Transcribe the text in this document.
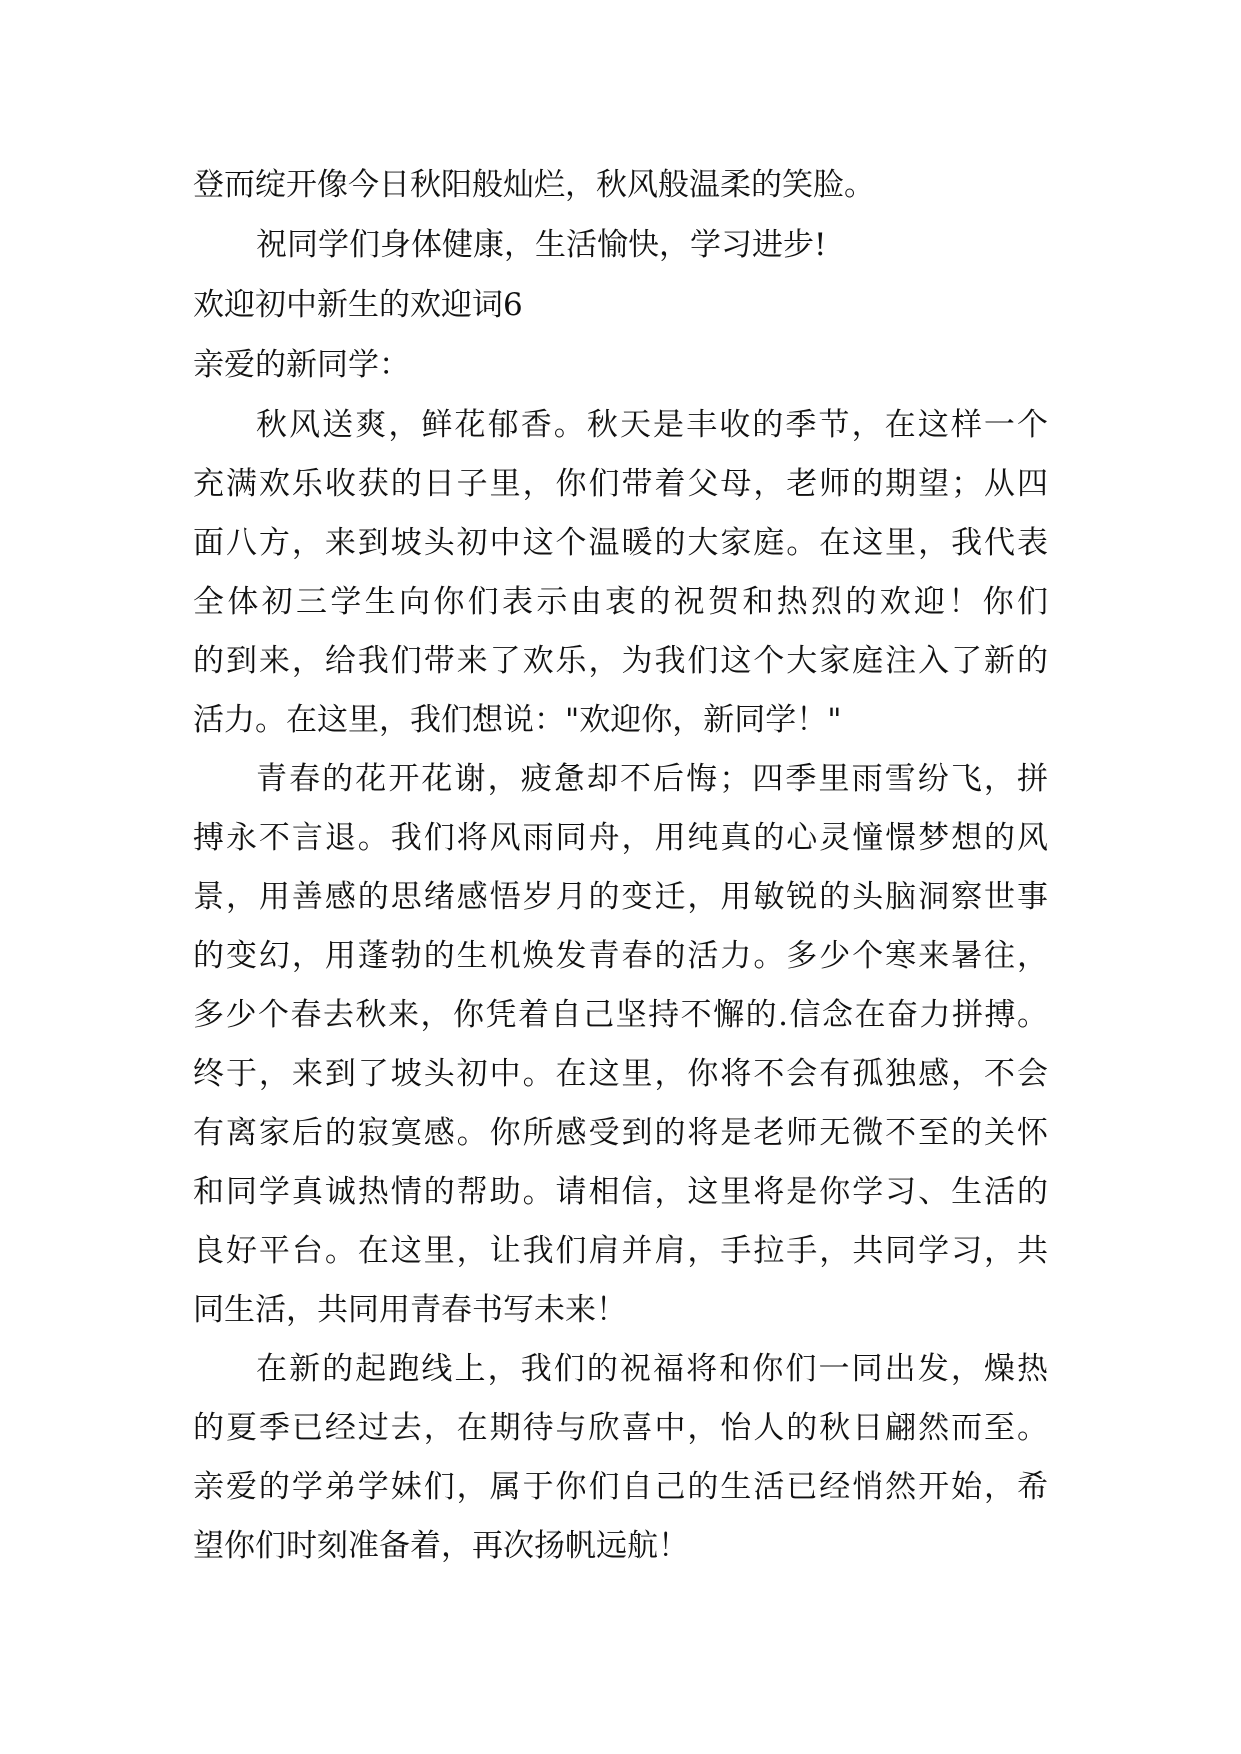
登而绽开像今日秋阳般灿烂，秋风般温柔的笑脸。
祝同学们身体健康，生活愉快，学习进步!
欢迎初中新生的欢迎词6
亲爱的新同学：
秋风送爽，鲜花郁香。秋天是丰收的季节，在这样一个
充满欢乐收获的日子里，你们带着父母，老师的期望；从四
面八方，来到坡头初中这个温暖的大家庭。在这里，我代表
全体初三学生向你们表示由衷的祝贺和热烈的欢迎！你们
的到来，给我们带来了欢乐，为我们这个大家庭注入了新的
活力。在这里，我们想说："欢迎你，新同学！"
青春的花开花谢，疲惫却不后悔；四季里雨雪纷飞，拼
搏永不言退。我们将风雨同舟，用纯真的心灵憧憬梦想的风
景，用善感的思绪感悟岁月的变迁，用敏锐的头脑洞察世事
的变幻，用蓬勃的生机焕发青春的活力。多少个寒来暑往，
多少个春去秋来，你凭着自己坚持不懈的.信念在奋力拼搏。
终于，来到了坡头初中。在这里，你将不会有孤独感，不会
有离家后的寂寞感。你所感受到的将是老师无微不至的关怀
和同学真诚热情的帮助。请相信，这里将是你学习、生活的
良好平台。在这里，让我们肩并肩，手拉手，共同学习，共
同生活，共同用青春书写未来！
在新的起跑线上，我们的祝福将和你们一同出发，燥热
的夏季已经过去，在期待与欣喜中，怡人的秋日翩然而至。
亲爱的学弟学妹们，属于你们自己的生活已经悄然开始，希
望你们时刻准备着，再次扬帆远航！
